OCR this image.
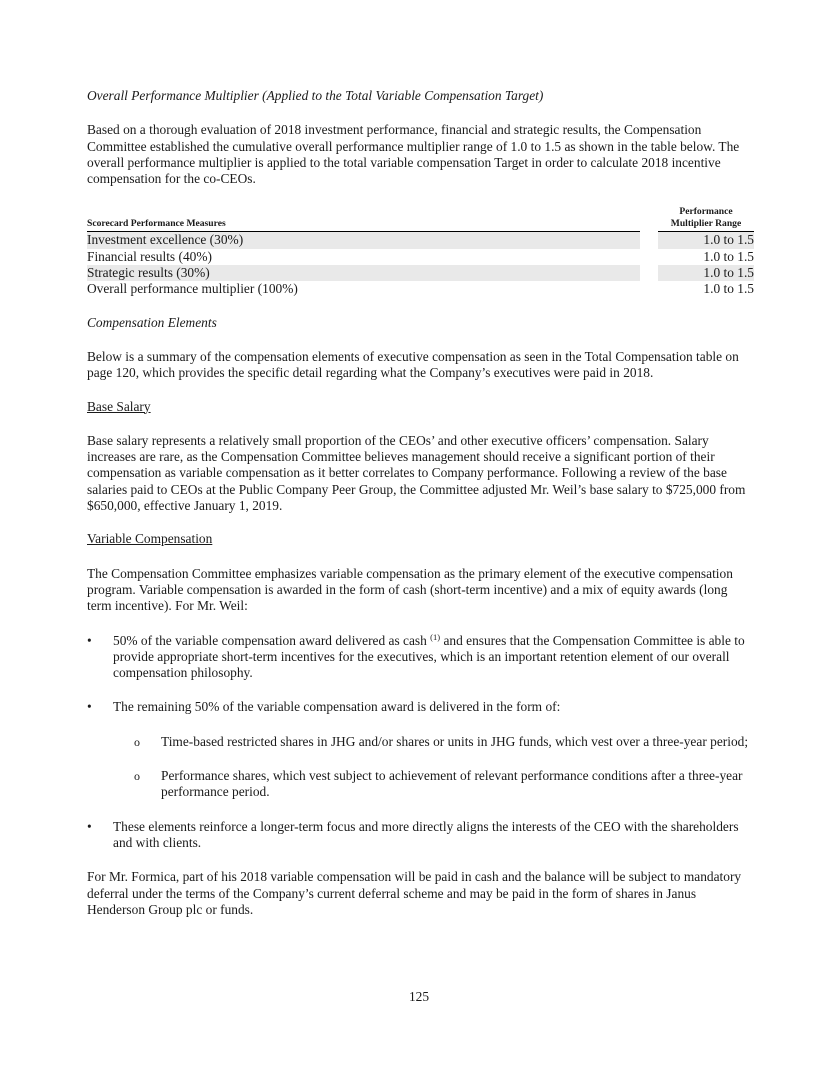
Overall Performance Multiplier (Applied to the Total Variable Compensation Target)

Based on a thorough evaluation of 2018 investment performance, financial and strategic results, the Compensation Committee established the cumulative overall performance multiplier range of 1.0 to 1.5 as shown in the table below. The overall performance multiplier is applied to the total variable compensation Target in order to calculate 2018 incentive compensation for the co-CEOs.

Scorecard Performance Measures		Performance
Multiplier Range

Investment excellence (30%)		1.0 to 1.5
Financial results (40%)		1.0 to 1.5
Strategic results (30%)		1.0 to 1.5
Overall performance multiplier (100%)		1.0 to 1.5

Compensation Elements

Below is a summary of the compensation elements of executive compensation as seen in the Total Compensation table on page 120, which provides the specific detail regarding what the Company’s executives were paid in 2018.

Base Salary

Base salary represents a relatively small proportion of the CEOs’ and other executive officers’ compensation. Salary increases are rare, as the Compensation Committee believes management should receive a significant portion of their compensation as variable compensation as it better correlates to Company performance. Following a review of the base salaries paid to CEOs at the Public Company Peer Group, the Committee adjusted Mr. Weil’s base salary to $725,000 from $650,000, effective January 1, 2019.

Variable Compensation

The Compensation Committee emphasizes variable compensation as the primary element of the executive compensation program. Variable compensation is awarded in the form of cash (short-term incentive) and a mix of equity awards (long term incentive). For Mr. Weil:

• 50% of the variable compensation award delivered as cash $^{(1)}$ and ensures that the Compensation Committee is able to provide appropriate short-term incentives for the executives, which is an important retention element of our overall compensation philosophy.

• The remaining 50% of the variable compensation award is delivered in the form of:

o Time-based restricted shares in JHG and/or shares or units in JHG funds, which vest over a three-year period;

o Performance shares, which vest subject to achievement of relevant performance conditions after a three-year performance period.

• These elements reinforce a longer-term focus and more directly aligns the interests of the CEO with the shareholders and with clients.

For Mr. Formica, part of his 2018 variable compensation will be paid in cash and the balance will be subject to mandatory deferral under the terms of the Company’s current deferral scheme and may be paid in the form of shares in Janus Henderson Group plc or funds.

125
